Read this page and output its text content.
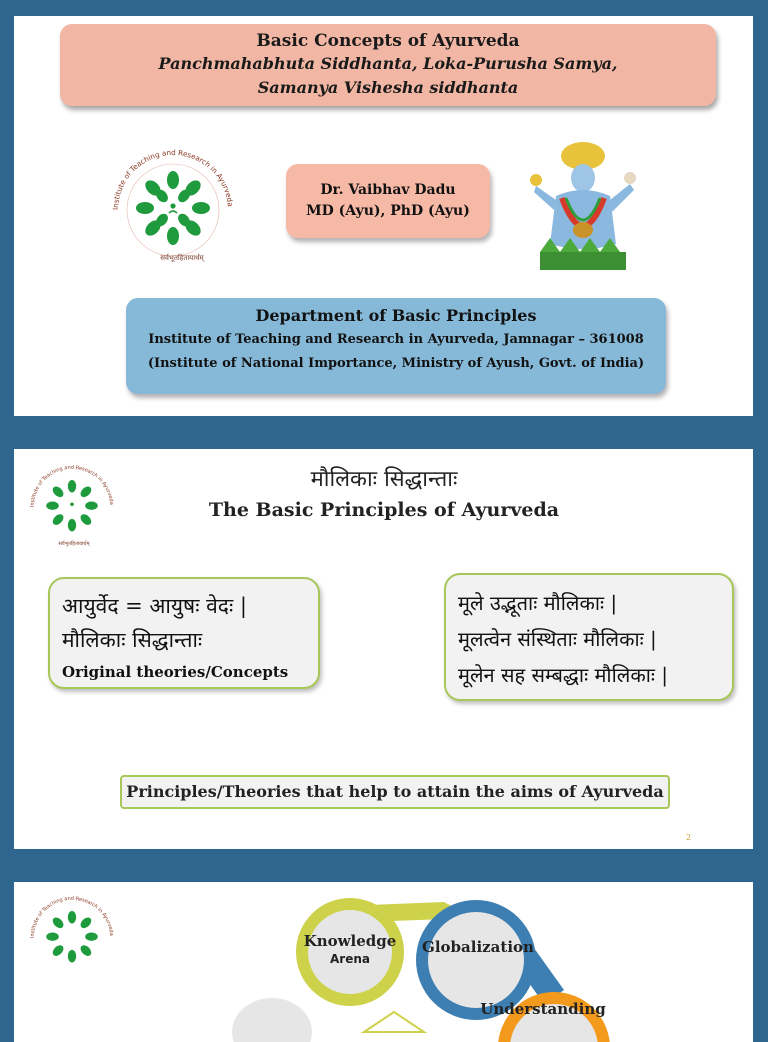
Basic Concepts of Ayurveda
Panchmahabhuta Siddhanta, Loka-Purusha Samya,
Samanya Vishesha siddhanta
Institute of Teaching and Research in Ayurveda
सर्वभूतहितायार्थम्
Dr. Vaibhav Dadu
MD (Ayu), PhD (Ayu)
Department of Basic Principles
Institute of Teaching and Research in Ayurveda, Jamnagar – 361008
(Institute of National Importance, Ministry of Ayush, Govt. of India)
Institute of Teaching and Research in Ayurveda
सर्वभूतहितायार्थम्
मौलिकाः सिद्धान्ताः
The Basic Principles of Ayurveda
आयुर्वेद = आयुषः वेदः |
मौलिकाः सिद्धान्ताः
Original theories/Concepts
मूले उद्भूताः मौलिकाः |
मूलत्वेन संस्थिताः मौलिकाः |
मूलेन सह सम्बद्धाः मौलिकाः |
Principles/Theories that help to attain the aims of Ayurveda
2
Institute of Teaching and Research in Ayurveda	Knowledge
Arena
Globalization
Understanding
